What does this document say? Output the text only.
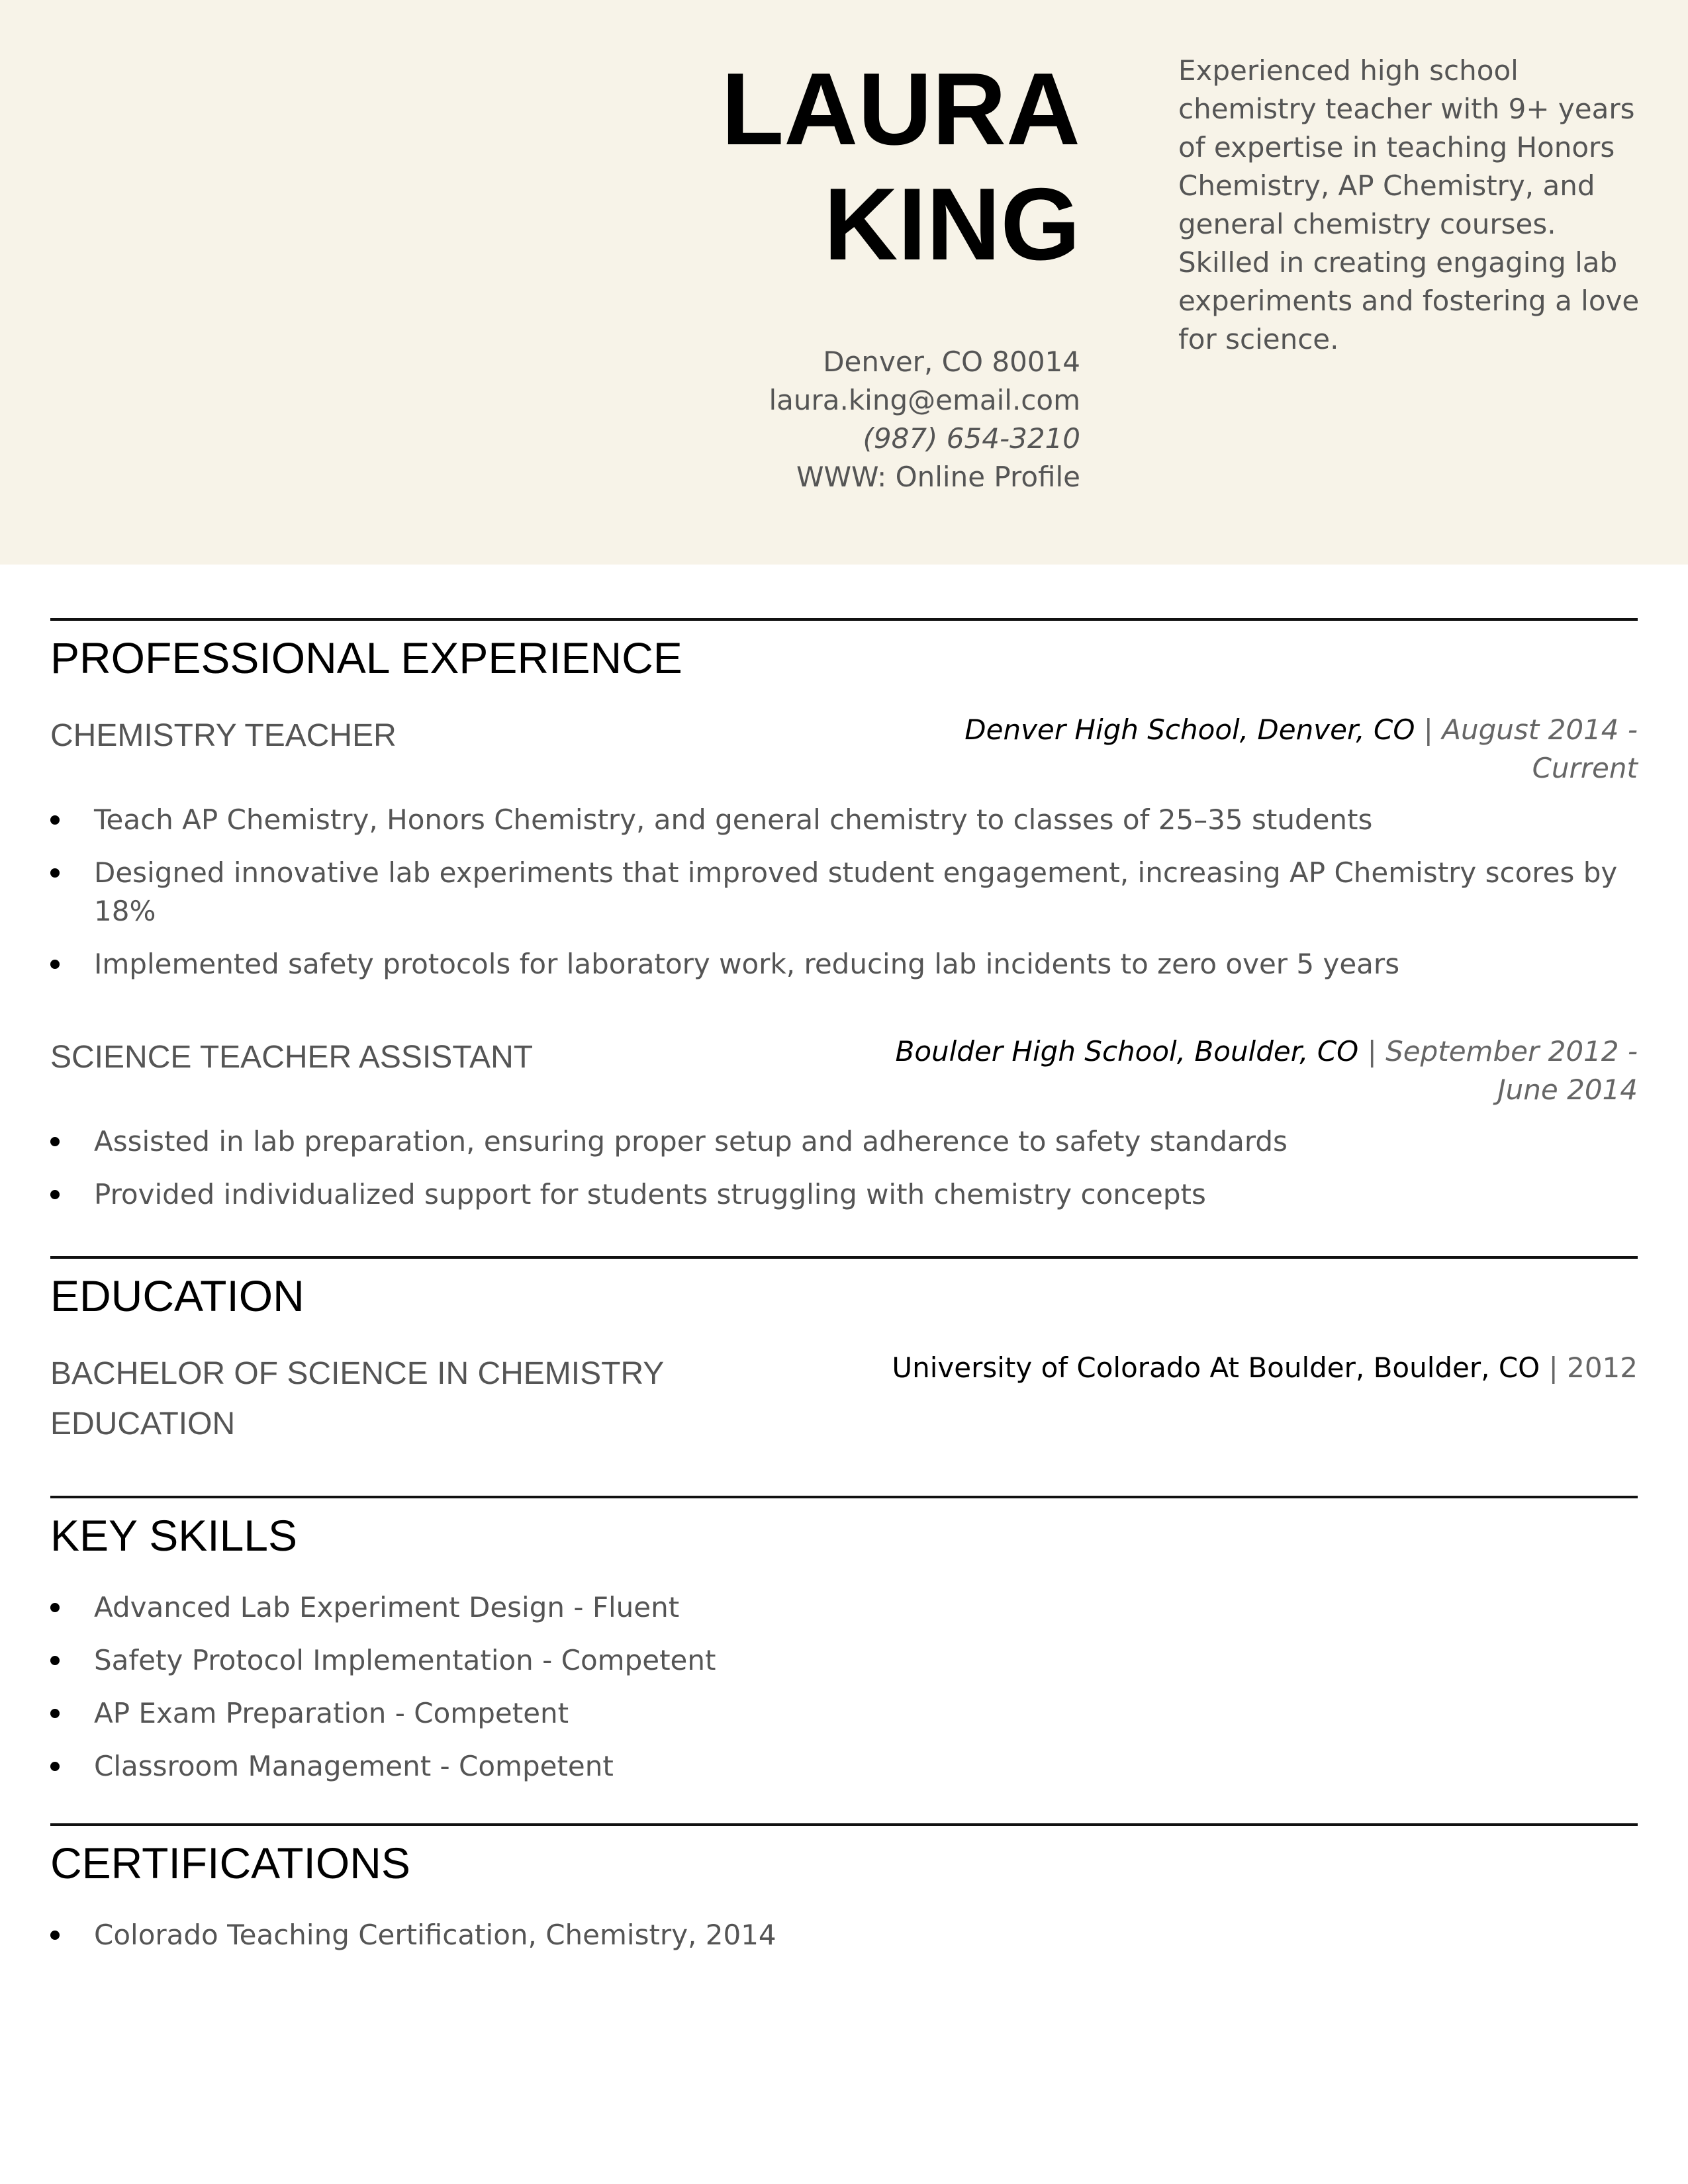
LAURA
KING
Denver, CO 80014
laura.king@email.com
(987) 654-3210
WWW: Online Profile

Experienced high school chemistry teacher with 9+ years of expertise in teaching Honors Chemistry, AP Chemistry, and general chemistry courses. Skilled in creating engaging lab experiments and fostering a love for science.

PROFESSIONAL EXPERIENCE
CHEMISTRY TEACHER	Denver High School, Denver, CO | August 2014 -
Current
Teach AP Chemistry, Honors Chemistry, and general chemistry to classes of 25–35 students
Designed innovative lab experiments that improved student engagement, increasing AP Chemistry scores by 18%
Implemented safety protocols for laboratory work, reducing lab incidents to zero over 5 years
SCIENCE TEACHER ASSISTANT	Boulder High School, Boulder, CO | September 2012 -
June 2014
Assisted in lab preparation, ensuring proper setup and adherence to safety standards
Provided individualized support for students struggling with chemistry concepts
EDUCATION
BACHELOR OF SCIENCE IN CHEMISTRY
EDUCATION
University of Colorado At Boulder, Boulder, CO | 2012
KEY SKILLS
Advanced Lab Experiment Design - Fluent
Safety Protocol Implementation - Competent
AP Exam Preparation - Competent
Classroom Management - Competent
CERTIFICATIONS
Colorado Teaching Certification, Chemistry, 2014
